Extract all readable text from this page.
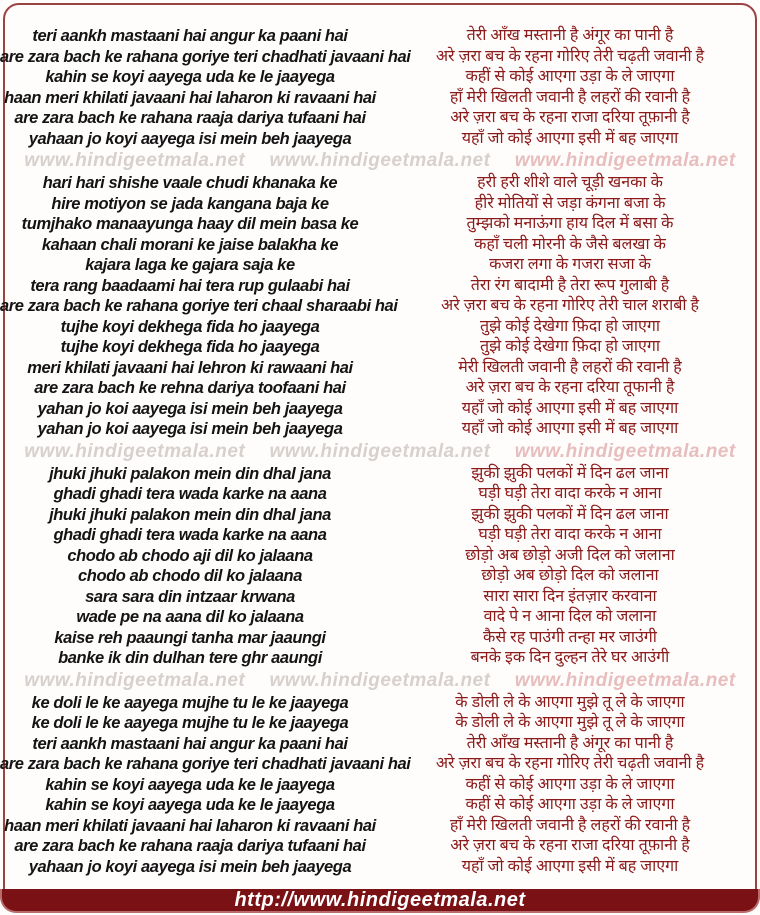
teri aankh mastaani hai angur ka paani hai
are zara bach ke rahana goriye teri chadhati javaani hai
kahin se koyi aayega uda ke le jaayega
haan meri khilati javaani hai laharon ki ravaani hai
are zara bach ke rahana raaja dariya tufaani hai
yahaan jo koyi aayega isi mein beh jaayega
तेरी आँख मस्तानी है अंगूर का पानी है
अरे ज़रा बच के रहना गोरिए तेरी चढ़ती जवानी है
कहीं से कोई आएगा उड़ा के ले जाएगा
हाँ मेरी खिलती जवानी है लहरों की रवानी है
अरे ज़रा बच के रहना राजा दरिया तूफ़ानी है
यहाँ जो कोई आएगा इसी में बह जाएगा
www.hindigeetmala.net www.hindigeetmala.net www.hindigeetmala.net
hari hari shishe vaale chudi khanaka ke
hire motiyon se jada kangana baja ke
tumjhako manaayunga haay dil mein basa ke
kahaan chali morani ke jaise balakha ke
kajara laga ke gajara saja ke
tera rang baadaami hai tera rup gulaabi hai
are zara bach ke rahana goriye teri chaal sharaabi hai
tujhe koyi dekhega fida ho jaayega
tujhe koyi dekhega fida ho jaayega
meri khilati javaani hai lehron ki rawaani hai
are zara bach ke rehna dariya toofaani hai
yahan jo koi aayega isi mein beh jaayega
yahan jo koi aayega isi mein beh jaayega
हरी हरी शीशे वाले चूड़ी खनका के
हीरे मोतियों से जड़ा कंगना बजा के
तुम्झको मनाऊंगा हाय दिल में बसा के
कहाँ चली मोरनी के जैसे बलखा के
कजरा लगा के गजरा सजा के
तेरा रंग बादामी है तेरा रूप गुलाबी है
अरे ज़रा बच के रहना गोरिए तेरी चाल शराबी है
तुझे कोई देखेगा फ़िदा हो जाएगा
तुझे कोई देखेगा फ़िदा हो जाएगा
मेरी खिलती जवानी है लहरों की रवानी है
अरे ज़रा बच के रहना दरिया तूफानी है
यहाँ जो कोई आएगा इसी में बह जाएगा
यहाँ जो कोई आएगा इसी में बह जाएगा
www.hindigeetmala.net www.hindigeetmala.net www.hindigeetmala.net
jhuki jhuki palakon mein din dhal jana
ghadi ghadi tera wada karke na aana
jhuki jhuki palakon mein din dhal jana
ghadi ghadi tera wada karke na aana
chodo ab chodo aji dil ko jalaana
chodo ab chodo dil ko jalaana
sara sara din intzaar krwana
wade pe na aana dil ko jalaana
kaise reh paaungi tanha mar jaaungi
banke ik din dulhan tere ghr aaungi
झुकी झुकी पलकों में दिन ढल जाना
घड़ी घड़ी तेरा वादा करके न आना
झुकी झुकी पलकों में दिन ढल जाना
घड़ी घड़ी तेरा वादा करके न आना
छोड़ो अब छोड़ो अजी दिल को जलाना
छोड़ो अब छोड़ो दिल को जलाना
सारा सारा दिन इंतज़ार करवाना
वादे पे न आना दिल को जलाना
कैसे रह पाउंगी तन्हा मर जाउंगी
बनके इक दिन दुल्हन तेरे घर आउंगी
www.hindigeetmala.net www.hindigeetmala.net www.hindigeetmala.net
ke doli le ke aayega mujhe tu le ke jaayega
ke doli le ke aayega mujhe tu le ke jaayega
teri aankh mastaani hai angur ka paani hai
are zara bach ke rahana goriye teri chadhati javaani hai
kahin se koyi aayega uda ke le jaayega
kahin se koyi aayega uda ke le jaayega
haan meri khilati javaani hai laharon ki ravaani hai
are zara bach ke rahana raaja dariya tufaani hai
yahaan jo koyi aayega isi mein beh jaayega
के डोली ले के आएगा मुझे तू ले के जाएगा
के डोली ले के आएगा मुझे तू ले के जाएगा
तेरी आँख मस्तानी है अंगूर का पानी है
अरे ज़रा बच के रहना गोरिए तेरी चढ़ती जवानी है
कहीं से कोई आएगा उड़ा के ले जाएगा
कहीं से कोई आएगा उड़ा के ले जाएगा
हाँ मेरी खिलती जवानी है लहरों की रवानी है
अरे ज़रा बच के रहना राजा दरिया तूफ़ानी है
यहाँ जो कोई आएगा इसी में बह जाएगा
http://www.hindigeetmala.net
